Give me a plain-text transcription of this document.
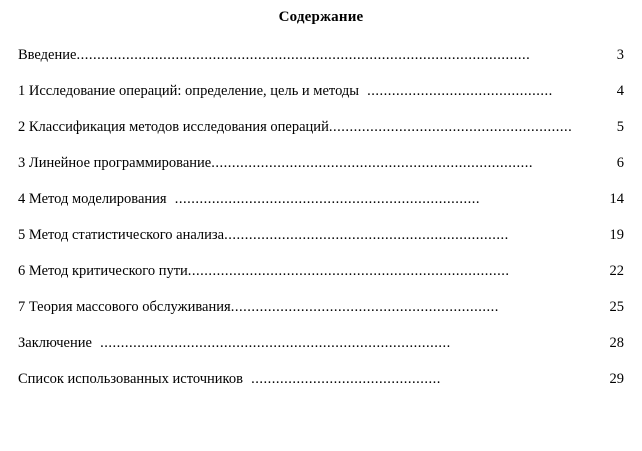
Содержание
Введение ..............................................................................................................	3
1 Исследование операций: определение, цель и методы .............................................	4
2 Классификация методов исследования операций ...........................................................	5
3 Линейное программирование ..............................................................................	6
4 Метод моделирования ..........................................................................	14
5 Метод статистического анализа .....................................................................	19
6 Метод критического пути ..............................................................................	22
7 Теория массового обслуживания .................................................................	25
Заключение .....................................................................................	28
Список использованных источников ..............................................	29
